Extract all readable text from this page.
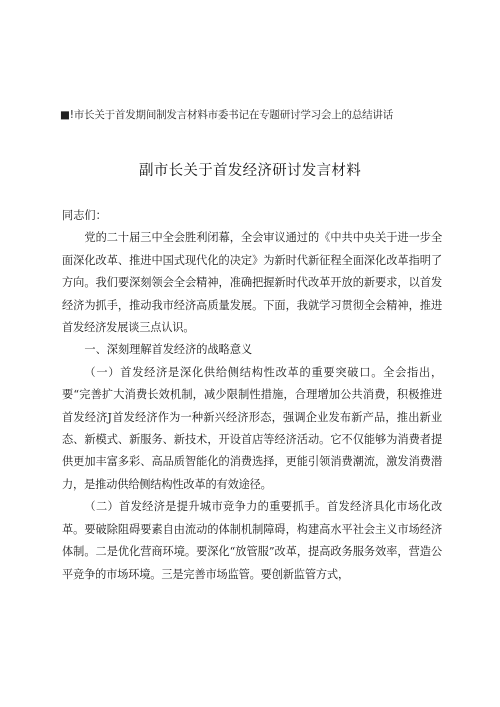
■!市长关于首发期间制发言材料市委书记在专题研讨学习会上的总结讲话
副市长关于首发经济研讨发言材料

同志们：

党的二十届三中全会胜利闭幕，全会审议通过的《中共中央关于进一步全面深化改革、推进中国式现代化的决定》为新时代新征程全面深化改革指明了方向。我们要深刻领会全会精神，准确把握新时代改革开放的新要求，以首发经济为抓手，推动我市经济高质量发展。下面，我就学习贯彻全会精神，推进首发经济发展谈三点认识。

一、深刻理解首发经济的战略意义

（一）首发经济是深化供给侧结构性改革的重要突破口。全会指出，要“完善扩大消费长效机制，减少限制性措施，合理增加公共消费，积极推进首发经济J首发经济作为一种新兴经济形态，强调企业发布新产品，推出新业态、新模式、新服务、新技术，开设首店等经济活动。它不仅能够为消费者提供更加丰富多彩、高品质智能化的消费选择，更能引领消费潮流，激发消费潜力，是推动供给侧结构性改革的有效途径。

（二）首发经济是提升城市竞争力的重要抓手。首发经济具化市场化改革。要破除阻碍要素自由流动的体制机制障碍，构建高水平社会主义市场经济体制。二是优化营商环境。要深化“放管服”改革，提高政务服务效率，营造公平竞争的市场环境。三是完善市场监管。要创新监管方式，
